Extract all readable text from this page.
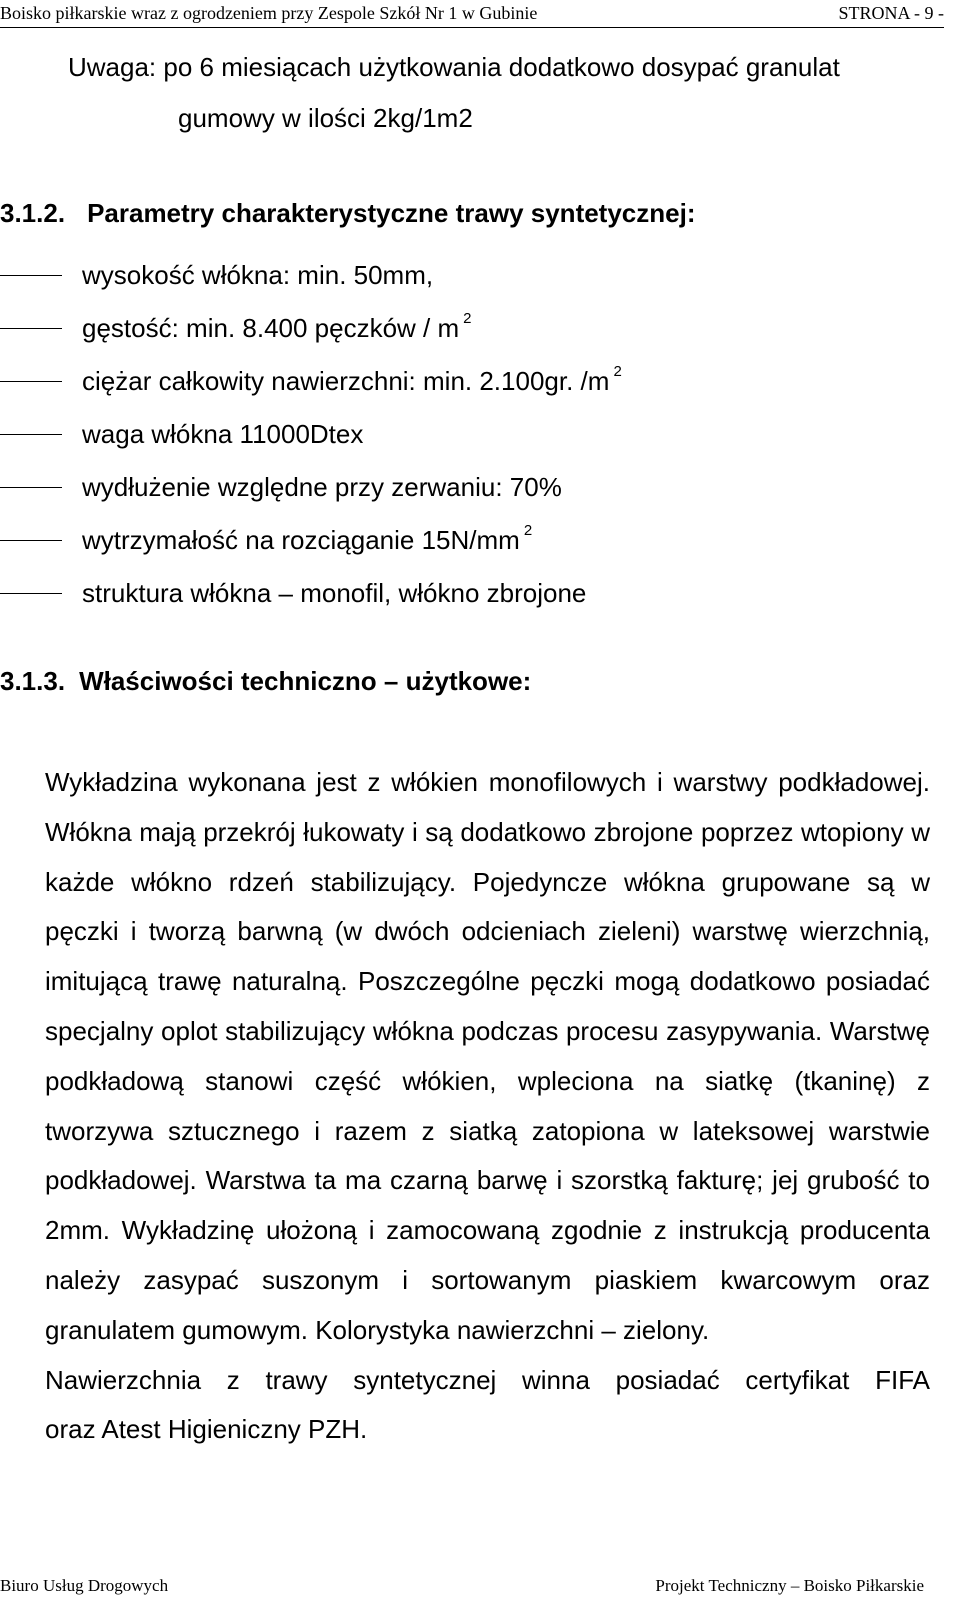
Boisko piłkarskie wraz z ogrodzeniem przy Zespole Szkół Nr 1 w Gubinie	STRONA - 9 -
Uwaga: po 6 miesiącach użytkowania dodatkowo dosypać granulat
gumowy w ilości 2kg/1m2
3.1.2. Parametry charakterystyczne trawy syntetycznej:
wysokość włókna: min. 50mm,
gęstość: min. 8.400 pęczków / m $^2$
ciężar całkowity nawierzchni: min. 2.100gr. /m $^2$
waga włókna 11000Dtex
wydłużenie względne przy zerwaniu: 70%
wytrzymałość na rozciąganie 15N/mm $^2$
struktura włókna – monofil, włókno zbrojone
3.1.3. Właściwości techniczno – użytkowe:

Wykładzina wykonana jest z włókien monofilowych i warstwy podkładowej. Włókna mają przekrój łukowaty i są dodatkowo zbrojone poprzez wtopiony w każde włókno rdzeń stabilizujący. Pojedyncze włókna grupowane są w pęczki i tworzą barwną (w dwóch odcieniach zieleni) warstwę wierzchnią, imitującą trawę naturalną. Poszczególne pęczki mogą dodatkowo posiadać specjalny oplot stabilizujący włókna podczas procesu zasypywania. Warstwę podkładową stanowi część włókien, wpleciona na siatkę (tkaninę) z tworzywa sztucznego i razem z siatką zatopiona w lateksowej warstwie podkładowej. Warstwa ta ma czarną barwę i szorstką fakturę; jej grubość to 2mm. Wykładzinę ułożoną i zamocowaną zgodnie z instrukcją producenta należy zasypać suszonym i sortowanym piaskiem kwarcowym oraz granulatem gumowym. Kolorystyka nawierzchni – zielony.

Nawierzchnia z trawy syntetycznej winna posiadać certyfikat FIFA

oraz Atest Higieniczny PZH.

Biuro Usług Drogowych	Projekt Techniczny – Boisko Piłkarskie
